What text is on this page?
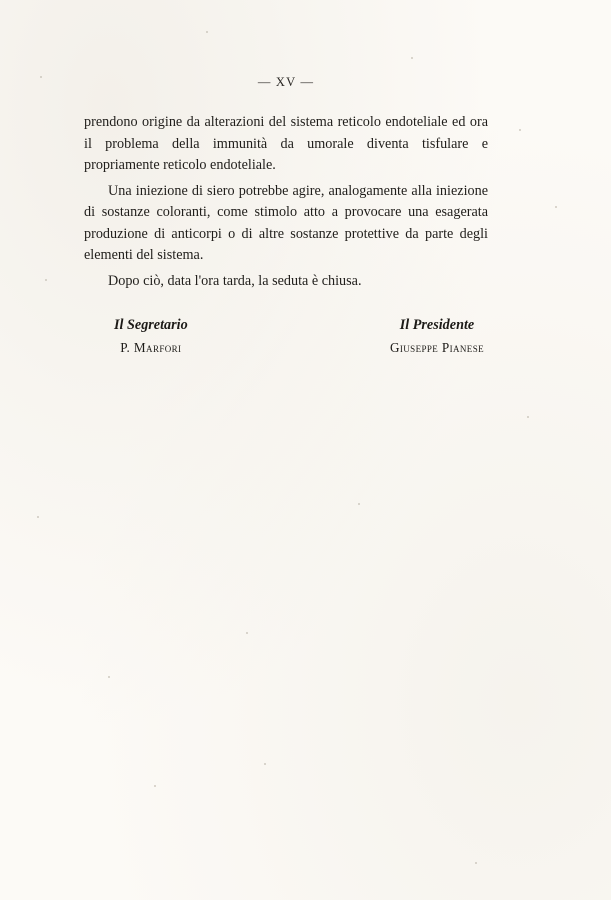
— XV —

prendono origine da alterazioni del sistema reticolo endoteliale ed ora il problema della immunità da umorale diventa tisfulare e propriamente reticolo endoteliale.

Una iniezione di siero potrebbe agire, analogamente alla iniezione di sostanze coloranti, come stimolo atto a provocare una esagerata produzione di anticorpi o di altre sostanze protettive da parte degli elementi del sistema.

Dopo ciò, data l'ora tarda, la seduta è chiusa.

Il Segretario
P. Marfori
Il Presidente
Giuseppe Pianese
